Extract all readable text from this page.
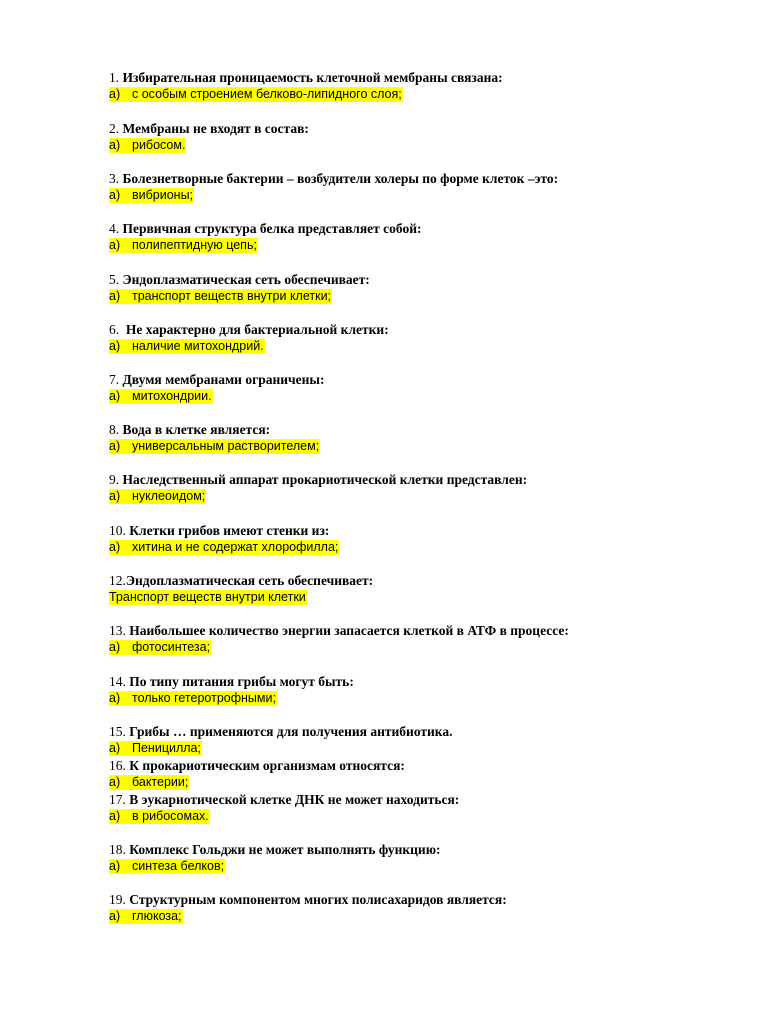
1. Избирательная проницаемость клеточной мембраны связана:
а) с особым строением белково-липидного слоя;
2. Мембраны не входят в состав:
а) рибосом.
3. Болезнетворные бактерии – возбудители холеры по форме клеток –это:
а) вибрионы;
4. Первичная структура белка представляет собой:
а) полипептидную цепь;
5. Эндоплазматическая сеть обеспечивает:
а) транспорт веществ внутри клетки;
6. Не характерно для бактериальной клетки:
а) наличие митохондрий.
7. Двумя мембранами ограничены:
а) митохондрии.
8. Вода в клетке является:
а) универсальным растворителем;
9. Наследственный аппарат прокариотической клетки представлен:
а) нуклеоидом;
10. Клетки грибов имеют стенки из:
а) хитина и не содержат хлорофилла;
12.Эндоплазматическая сеть обеспечивает:
Транспорт веществ внутри клетки
13. Наибольшее количество энергии запасается клеткой в АТФ в процессе:
а) фотосинтеза;
14. По типу питания грибы могут быть:
а) только гетеротрофными;
15. Грибы … применяются для получения антибиотика.
а) Пеницилла;
16. К прокариотическим организмам относятся:
а) бактерии;
17. В эукариотической клетке ДНК не может находиться:
а) в рибосомах.
18. Комплекс Гольджи не может выполнять функцию:
а) синтеза белков;
19. Структурным компонентом многих полисахаридов является:
а) глюкоза;
